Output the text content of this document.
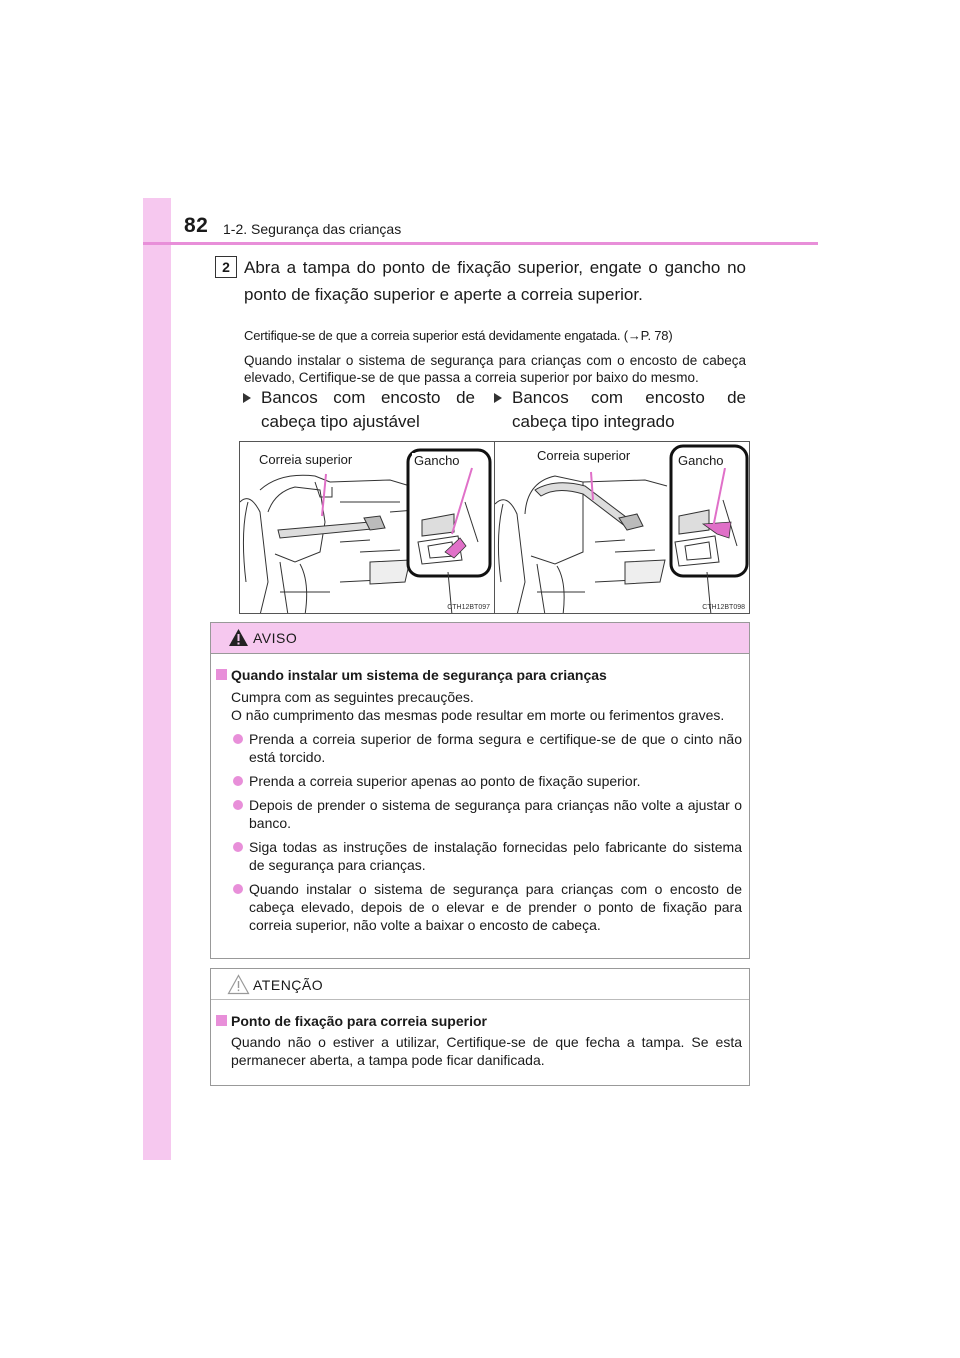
82 1-2. Segurança das crianças
2 Abra a tampa do ponto de fixação superior, engate o gancho no ponto de fixação superior e aperte a correia superior.
Certifique-se de que a correia superior está devidamente engatada. (→P. 78)
Quando instalar o sistema de segurança para crianças com o encosto de cabeça elevado, Certifique-se de que passa a correia superior por baixo do mesmo.
Bancos com encosto de cabeça tipo ajustável
Bancos com encosto de cabeça tipo integrado
Correia superior	Gancho
CTH12BT097
Correia superior	Gancho
CTH12BT098
AVISO
Quando instalar um sistema de segurança para crianças
Cumpra com as seguintes precauções.
O não cumprimento das mesmas pode resultar em morte ou ferimentos graves.
Prenda a correia superior de forma segura e certifique-se de que o cinto não está torcido.
Prenda a correia superior apenas ao ponto de fixação superior.
Depois de prender o sistema de segurança para crianças não volte a ajustar o banco.
Siga todas as instruções de instalação fornecidas pelo fabricante do sistema de segurança para crianças.
Quando instalar o sistema de segurança para crianças com o encosto de cabeça elevado, depois de o elevar e de prender o ponto de fixação para correia superior, não volte a baixar o encosto de cabeça.
ATENÇÃO
Ponto de fixação para correia superior
Quando não o estiver a utilizar, Certifique-se de que fecha a tampa. Se esta permanecer aberta, a tampa pode ficar danificada.
